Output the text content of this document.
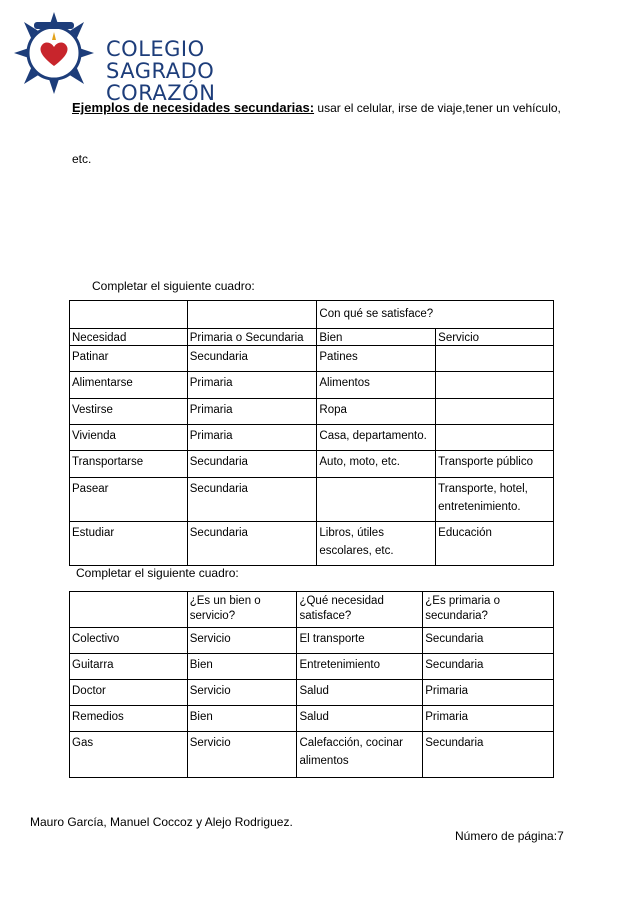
COLEGIO
SAGRADO
CORAZÓN
Ejemplos de necesidades secundarias: usar el celular, irse de viaje,tener un vehículo,
etc.
Completar el siguiente cuadro:
		Con qué se satisface?	
Necesidad	Primaria o Secundaria	Bien	Servicio
Patinar	Secundaria	Patines	
Alimentarse	Primaria	Alimentos	
Vestirse	Primaria	Ropa	
Vivienda	Primaria	Casa, departamento.	
Transportarse	Secundaria	Auto, moto, etc.	Transporte público
Pasear	Secundaria		Transporte, hotel, entretenimiento.
Estudiar	Secundaria	Libros, útiles escolares, etc.	Educación
Completar el siguiente cuadro:
	¿Es un bien o servicio?	¿Qué necesidad satisface?	¿Es primaria o secundaria?
Colectivo	Servicio	El transporte	Secundaria
Guitarra	Bien	Entretenimiento	Secundaria
Doctor	Servicio	Salud	Primaria
Remedios	Bien	Salud	Primaria
Gas	Servicio	Calefacción, cocinar alimentos	Secundaria
Mauro García, Manuel Coccoz y Alejo Rodriguez.
Número de página:7
